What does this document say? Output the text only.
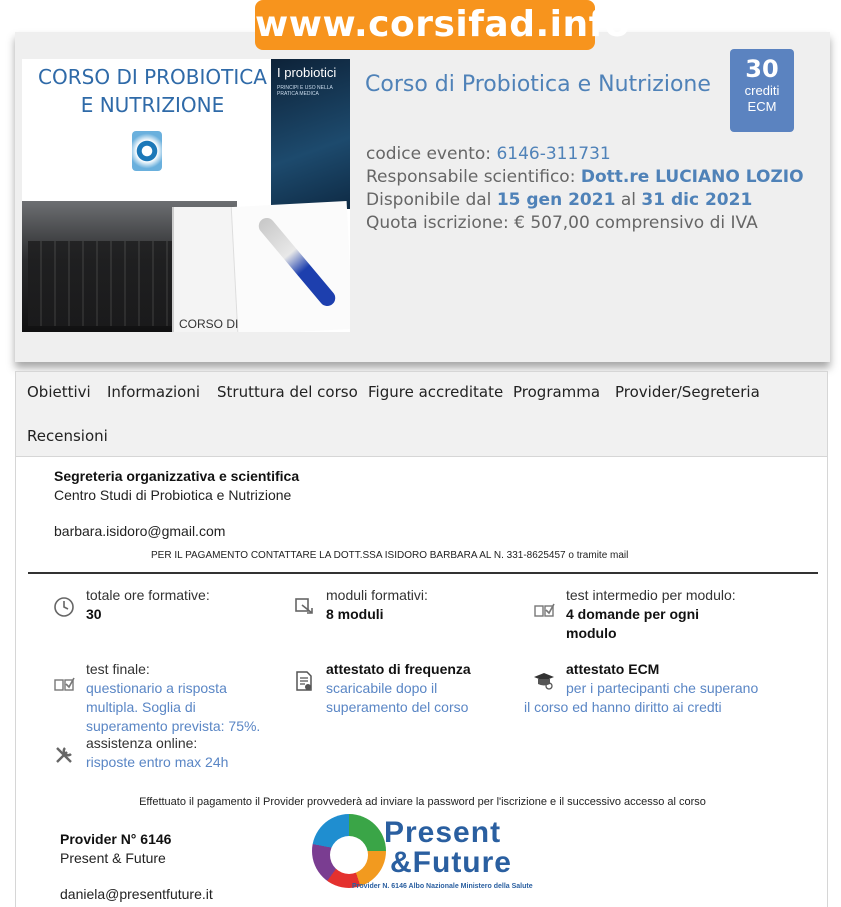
www.corsifad.info
CORSO DI PROBIOTICA E NUTRIZIONE
I probiotici
PRINCIPI E USO NELLA PRATICA MEDICA
CORSO DI
Corso di Probiotica e Nutrizione
30
crediti
ECM
codice evento: 6146-311731
Responsabile scientifico: Dott.re LUCIANO LOZIO
Disponibile dal 15 gen 2021 al 31 dic 2021
Quota iscrizione: € 507,00 comprensivo di IVA
Obiettivi Informazioni Struttura del corso Figure accreditate Programma Provider/Segreteria
Recensioni
Segreteria organizzativa e scientifica
Centro Studi di Probiotica e Nutrizione
barbara.isidoro@gmail.com
PER IL PAGAMENTO CONTATTARE LA DOTT.SSA ISIDORO BARBARA AL N. 331-8625457 o tramite mail
totale ore formative:
30
moduli formativi:
8 moduli
test intermedio per modulo:
4 domande per ogni modulo
test finale:
questionario a risposta multipla. Soglia di superamento prevista: 75%.
attestato di frequenza
scaricabile dopo il superamento del corso
attestato ECM
per i partecipanti che superano il corso ed hanno diritto ai credti
assistenza online:
risposte entro max 24h
Effettuato il pagamento il Provider provvederà ad inviare la password per l'iscrizione e il successivo accesso al corso
Provider N° 6146
Present & Future
daniela@presentfuture.it
Present
&Future
Provider N. 6146 Albo Nazionale Ministero della Salute
